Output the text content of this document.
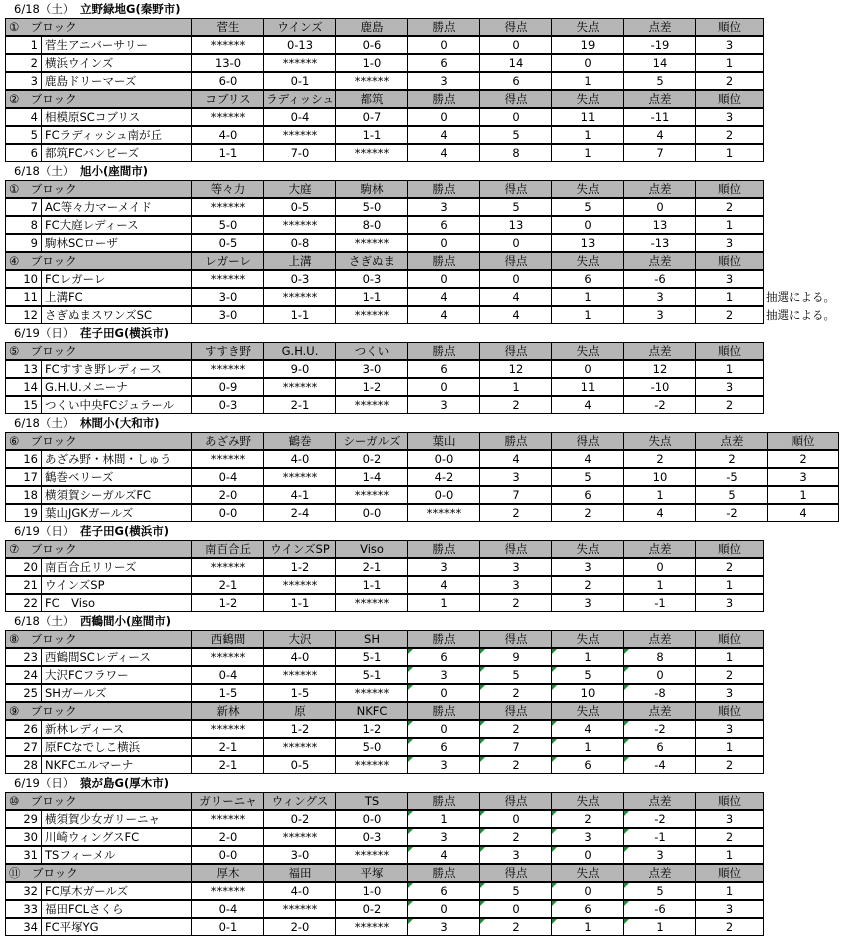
6/18（土） 立野緑地G(秦野市)
①　ブロック	菅生	ウインズ	鹿島	勝点	得点	失点	点差	順位
1 菅生アニバーサリー	******	0-13	0-6	0	0	19	-19	3
2 横浜ウインズ	13-0	******	1-0	6	14	0	14	1
3 鹿島ドリーマーズ	6-0	0-1	******	3	6	1	5	2
②　ブロック	コブリス	ラディッシュ	都筑	勝点	得点	失点	点差	順位
4 相模原SCコブリス	******	0-4	0-7	0	0	11	-11	3
5 FCラディッシュ南が丘	4-0	******	1-1	4	5	1	4	2
6 都筑FCバンビーズ	1-1	7-0	******	4	8	1	7	1
6/18（土） 旭小(座間市)
①　ブロック	等々力	大庭	駒林	勝点	得点	失点	点差	順位
7 AC等々力マーメイド	******	0-5	5-0	3	5	5	0	2
8 FC大庭レディース	5-0	******	8-0	6	13	0	13	1
9 駒林SCローザ	0-5	0-8	******	0	0	13	-13	3
④　ブロック	レガーレ	上溝	さぎぬま	勝点	得点	失点	点差	順位
10 FCレガーレ	******	0-3	0-3	0	0	6	-6	3
11 上溝FC	3-0	******	1-1	4	4	1	3	1	抽選による。
12 さぎぬまスワンズSC	3-0	1-1	******	4	4	1	3	2	抽選による。
6/19（日） 荏子田G(横浜市)
⑤　ブロック	すすき野	G.H.U.	つくい	勝点	得点	失点	点差	順位
13 FCすすき野レディース	******	9-0	3-0	6	12	0	12	1
14 G.H.U.メニーナ	0-9	******	1-2	0	1	11	-10	3
15 つくい中央FCジュラール	0-3	2-1	******	3	2	4	-2	2
6/18（土） 林間小(大和市)
⑥　ブロック	あざみ野	鶴巻	シーガルズ	葉山	勝点	得点	失点	点差	順位
16 あざみ野・林間・しゅう	******	4-0	0-2	0-0	4	4	2	2	2
17 鶴巻ベリーズ	0-4	******	1-4	4-2	3	5	10	-5	3
18 横須賀シーガルズFC	2-0	4-1	******	0-0	7	6	1	5	1
19 葉山JGKガールズ	0-0	2-4	0-0	******	2	2	4	-2	4
6/19（日） 荏子田G(横浜市)
⑦　ブロック	南百合丘	ウインズSP	Viso	勝点	得点	失点	点差	順位
20 南百合丘リリーズ	******	1-2	2-1	3	3	3	0	2
21 ウインズSP	2-1	******	1-1	4	3	2	1	1
22 FC　Viso	1-2	1-1	******	1	2	3	-1	3
6/18（土） 西鶴間小(座間市)
⑧　ブロック	西鶴間	大沢	SH	勝点	得点	失点	点差	順位
23 西鶴間SCレディース	******	4-0	5-1	6	9	1	8	1
24 大沢FCフラワー	0-4	******	5-1	3	5	5	0	2
25 SHガールズ	1-5	1-5	******	0	2	10	-8	3
⑨　ブロック	新林	原	NKFC	勝点	得点	失点	点差	順位
26 新林レディース	******	1-2	1-2	0	2	4	-2	3
27 原FCなでしこ横浜	2-1	******	5-0	6	7	1	6	1
28 NKFCエルマーナ	2-1	0-5	******	3	2	6	-4	2
6/19（日） 猿が島G(厚木市)
⑩　ブロック	ガリーニャ	ウィングス	TS	勝点	得点	失点	点差	順位
29 横須賀少女ガリーニャ	******	0-2	0-0	1	0	2	-2	3
30 川崎ウィングスFC	2-0	******	0-3	3	2	3	-1	2
31 TSフィーメル	0-0	3-0	******	4	3	0	3	1
⑪　ブロック	厚木	福田	平塚	勝点	得点	失点	点差	順位
32 FC厚木ガールズ	******	4-0	1-0	6	5	0	5	1
33 福田FCLさくら	0-4	******	0-2	0	0	6	-6	3
34 FC平塚YG	0-1	2-0	******	3	2	1	1	2
